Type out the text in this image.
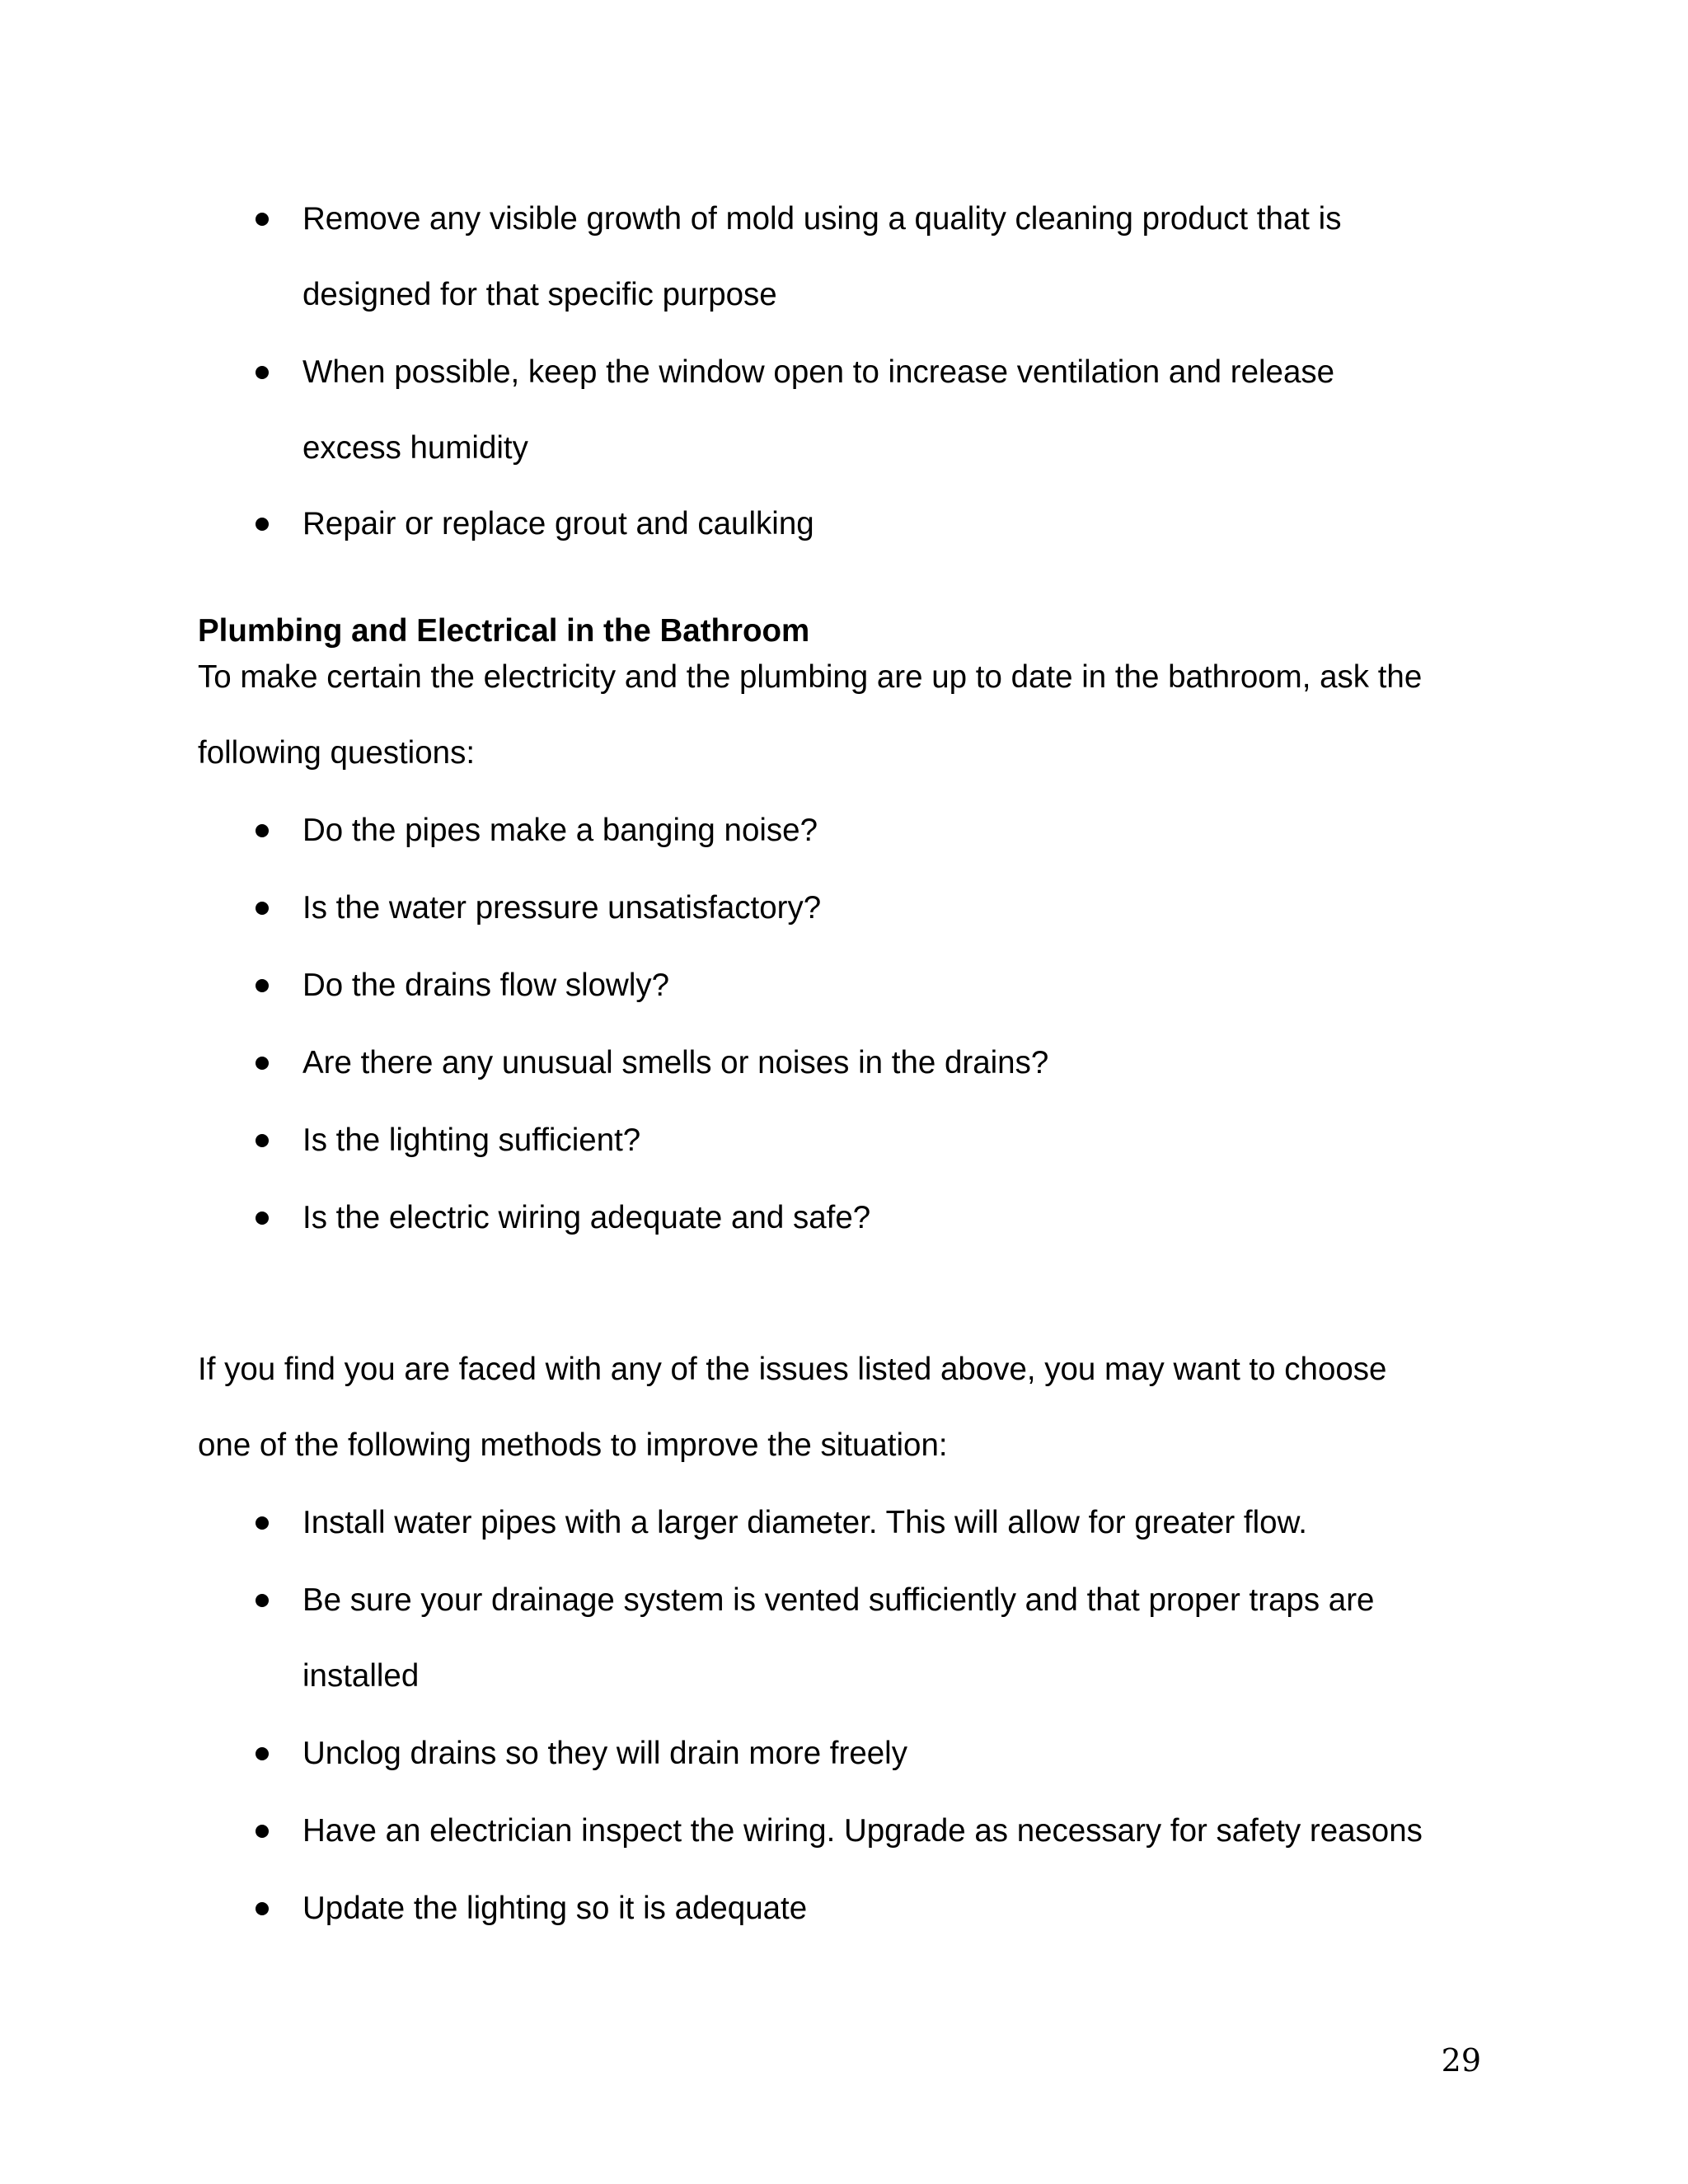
Remove any visible growth of mold using a quality cleaning product that is
designed for that specific purpose
When possible, keep the window open to increase ventilation and release
excess humidity
Repair or replace grout and caulking
Plumbing and Electrical in the Bathroom
To make certain the electricity and the plumbing are up to date in the bathroom, ask the
following questions:
Do the pipes make a banging noise?
Is the water pressure unsatisfactory?
Do the drains flow slowly?
Are there any unusual smells or noises in the drains?
Is the lighting sufficient?
Is the electric wiring adequate and safe?
If you find you are faced with any of the issues listed above, you may want to choose
one of the following methods to improve the situation:
Install water pipes with a larger diameter. This will allow for greater flow.
Be sure your drainage system is vented sufficiently and that proper traps are
installed
Unclog drains so they will drain more freely
Have an electrician inspect the wiring. Upgrade as necessary for safety reasons
Update the lighting so it is adequate
29
